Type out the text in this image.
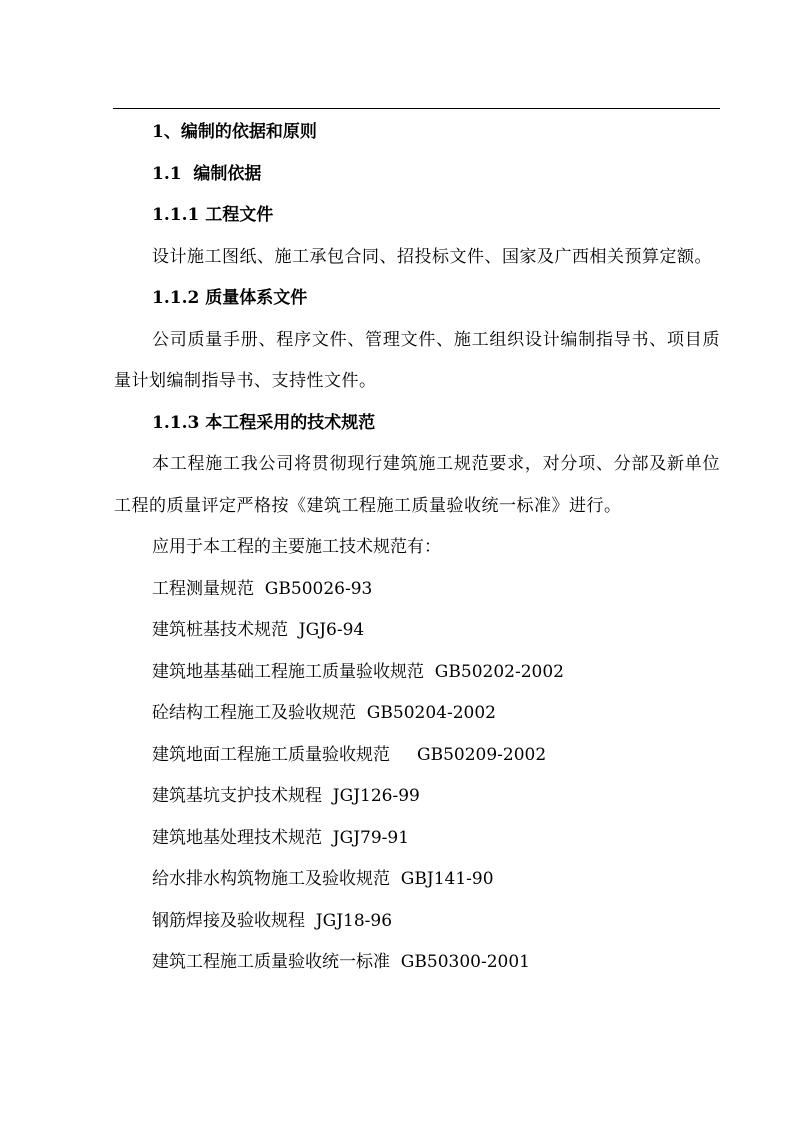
1、编制的依据和原则

1.1  编制依据

1.1.1 工程文件

设计施工图纸、施工承包合同、招投标文件、国家及广西相关预算定额。

1.1.2 质量体系文件

公司质量手册、程序文件、管理文件、施工组织设计编制指导书、项目质量计划编制指导书、支持性文件。

1.1.3 本工程采用的技术规范

本工程施工我公司将贯彻现行建筑施工规范要求，对分项、分部及新单位工程的质量评定严格按《建筑工程施工质量验收统一标准》进行。

应用于本工程的主要施工技术规范有：

工程测量规范  GB50026-93

建筑桩基技术规范  JGJ6-94

建筑地基基础工程施工质量验收规范  GB50202-2002

砼结构工程施工及验收规范  GB50204-2002

建筑地面工程施工质量验收规范     GB50209-2002

建筑基坑支护技术规程  JGJ126-99

建筑地基处理技术规范  JGJ79-91

给水排水构筑物施工及验收规范  GBJ141-90

钢筋焊接及验收规程  JGJ18-96

建筑工程施工质量验收统一标准  GB50300-2001
